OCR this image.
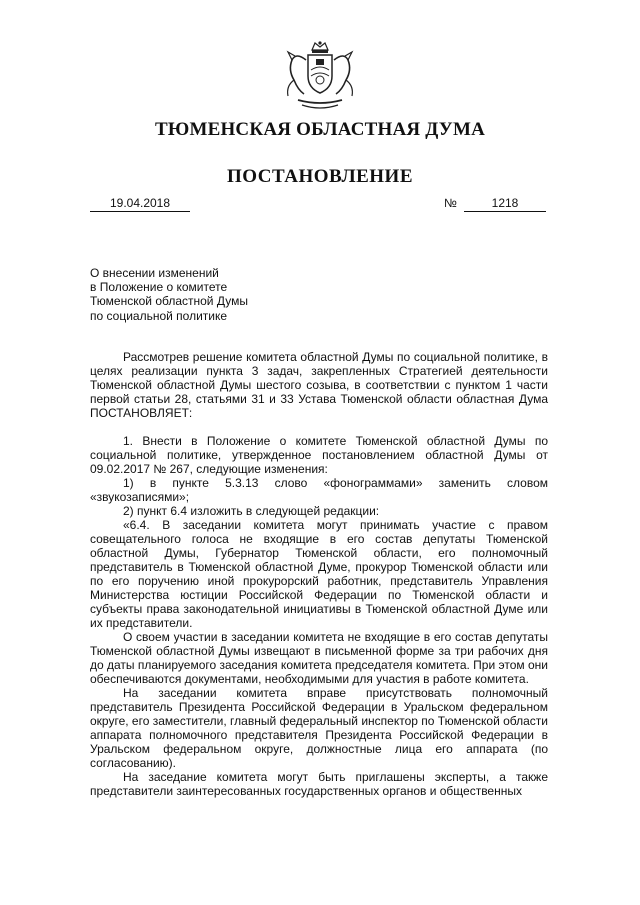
ТЮМЕНСКАЯ ОБЛАСТНАЯ ДУМА
ПОСТАНОВЛЕНИЕ
19.04.2018	№	1218
О внесении изменений
в Положение о комитете
Тюменской областной Думы
по социальной политике

Рассмотрев решение комитета областной Думы по социальной политике, в целях реализации пункта 3 задач, закрепленных Стратегией деятельности Тюменской областной Думы шестого созыва, в соответствии с пунктом 1 части первой статьи 28, статьями 31 и 33 Устава Тюменской области областная Дума ПОСТАНОВЛЯЕТ:

1. Внести в Положение о комитете Тюменской областной Думы по социальной политике, утвержденное постановлением областной Думы от 09.02.2017 № 267, следующие изменения:

1) в пункте 5.3.13 слово «фонограммами» заменить словом «звукозаписями»;

2) пункт 6.4 изложить в следующей редакции:

«6.4. В заседании комитета могут принимать участие с правом совещательного голоса не входящие в его состав депутаты Тюменской областной Думы, Губернатор Тюменской области, его полномочный представитель в Тюменской областной Думе, прокурор Тюменской области или по его поручению иной прокурорский работник, представитель Управления Министерства юстиции Российской Федерации по Тюменской области и субъекты права законодательной инициативы в Тюменской областной Думе или их представители.

О своем участии в заседании комитета не входящие в его состав депутаты Тюменской областной Думы извещают в письменной форме за три рабочих дня до даты планируемого заседания комитета председателя комитета. При этом они обеспечиваются документами, необходимыми для участия в работе комитета.

На заседании комитета вправе присутствовать полномочный представитель Президента Российской Федерации в Уральском федеральном округе, его заместители, главный федеральный инспектор по Тюменской области аппарата полномочного представителя Президента Российской Федерации в Уральском федеральном округе, должностные лица его аппарата (по согласованию).

На заседание комитета могут быть приглашены эксперты, а также представители заинтересованных государственных органов и общественных
